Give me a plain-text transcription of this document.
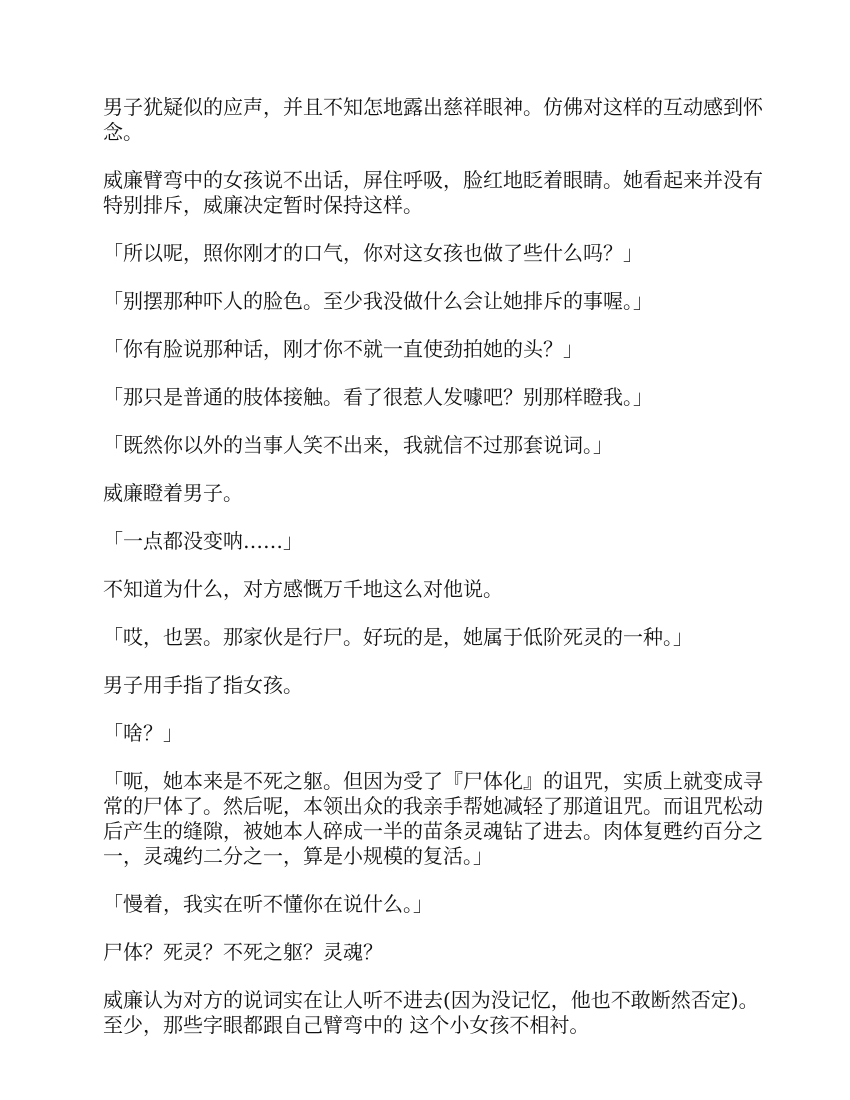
男子犹疑似的应声，并且不知怎地露出慈祥眼神。仿佛对这样的互动感到怀念。

威廉臂弯中的女孩说不出话，屏住呼吸，脸红地眨着眼睛。她看起来并没有特别排斥，威廉决定暂时保持这样。

「所以呢，照你刚才的口气，你对这女孩也做了些什么吗？」

「别摆那种吓人的脸色。至少我没做什么会让她排斥的事喔。」

「你有脸说那种话，刚才你不就一直使劲拍她的头？」

「那只是普通的肢体接触。看了很惹人发噱吧？别那样瞪我。」

「既然你以外的当事人笑不出来，我就信不过那套说词。」

威廉瞪着男子。

「一点都没变呐……」

不知道为什么，对方感慨万千地这么对他说。

「哎，也罢。那家伙是行尸。好玩的是，她属于低阶死灵的一种。」

男子用手指了指女孩。

「啥？」

「呃，她本来是不死之躯。但因为受了『尸体化』的诅咒，实质上就变成寻常的尸体了。然后呢，本领出众的我亲手帮她减轻了那道诅咒。而诅咒松动后产生的缝隙，被她本人碎成一半的苗条灵魂钻了进去。肉体复甦约百分之 一，灵魂约二分之一，算是小规模的复活。」

「慢着，我实在听不懂你在说什么。」

尸体？死灵？不死之躯？灵魂？

威廉认为对方的说词实在让人听不进去(因为没记忆，他也不敢断然否定)。至少，那些字眼都跟自己臂弯中的 这个小女孩不相衬。
